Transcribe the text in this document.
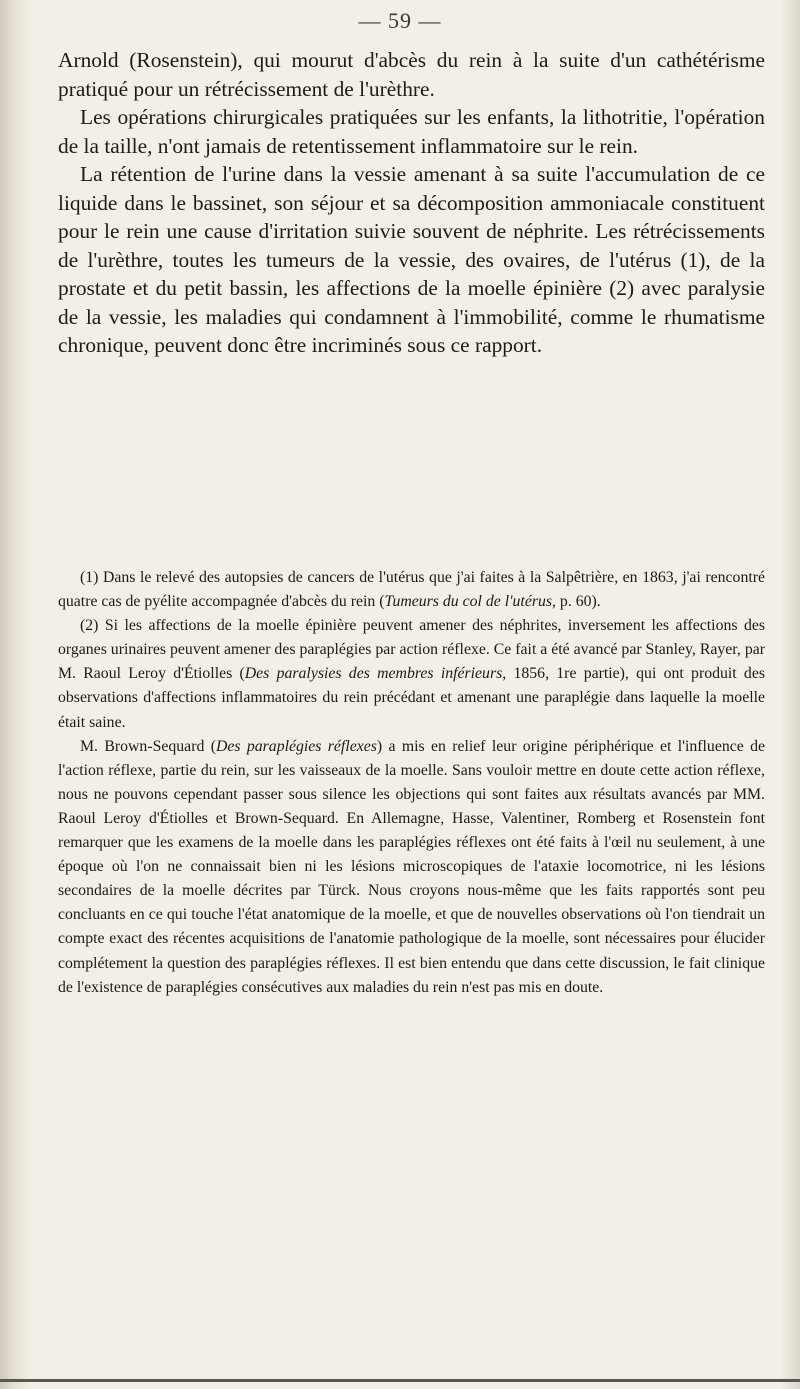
— 59 —

Arnold (Rosenstein), qui mourut d'abcès du rein à la suite d'un cathétérisme pratiqué pour un rétrécissement de l'urèthre.

Les opérations chirurgicales pratiquées sur les enfants, la lithotritie, l'opération de la taille, n'ont jamais de retentissement inflammatoire sur le rein.

La rétention de l'urine dans la vessie amenant à sa suite l'accumulation de ce liquide dans le bassinet, son séjour et sa décomposition ammoniacale constituent pour le rein une cause d'irritation suivie souvent de néphrite. Les rétrécissements de l'urèthre, toutes les tumeurs de la vessie, des ovaires, de l'utérus (1), de la prostate et du petit bassin, les affections de la moelle épinière (2) avec paralysie de la vessie, les maladies qui condamnent à l'immobilité, comme le rhumatisme chronique, peuvent donc être incriminés sous ce rapport.

(1) Dans le relevé des autopsies de cancers de l'utérus que j'ai faites à la Salpêtrière, en 1863, j'ai rencontré quatre cas de pyélite accompagnée d'abcès du rein (Tumeurs du col de l'utérus, p. 60).

(2) Si les affections de la moelle épinière peuvent amener des néphrites, inversement les affections des organes urinaires peuvent amener des paraplégies par action réflexe. Ce fait a été avancé par Stanley, Rayer, par M. Raoul Leroy d'Étiolles (Des paralysies des membres inférieurs, 1856, 1re partie), qui ont produit des observations d'affections inflammatoires du rein précédant et amenant une paraplégie dans laquelle la moelle était saine.

M. Brown-Sequard (Des paraplégies réflexes) a mis en relief leur origine périphérique et l'influence de l'action réflexe, partie du rein, sur les vaisseaux de la moelle. Sans vouloir mettre en doute cette action réflexe, nous ne pouvons cependant passer sous silence les objections qui sont faites aux résultats avancés par MM. Raoul Leroy d'Étiolles et Brown-Sequard. En Allemagne, Hasse, Valentiner, Romberg et Rosenstein font remarquer que les examens de la moelle dans les paraplégies réflexes ont été faits à l'œil nu seulement, à une époque où l'on ne connaissait bien ni les lésions microscopiques de l'ataxie locomotrice, ni les lésions secondaires de la moelle décrites par Türck. Nous croyons nous-même que les faits rapportés sont peu concluants en ce qui touche l'état anatomique de la moelle, et que de nouvelles observations où l'on tiendrait un compte exact des récentes acquisitions de l'anatomie pathologique de la moelle, sont nécessaires pour élucider complétement la question des paraplégies réflexes. Il est bien entendu que dans cette discussion, le fait clinique de l'existence de paraplégies consécutives aux maladies du rein n'est pas mis en doute.
